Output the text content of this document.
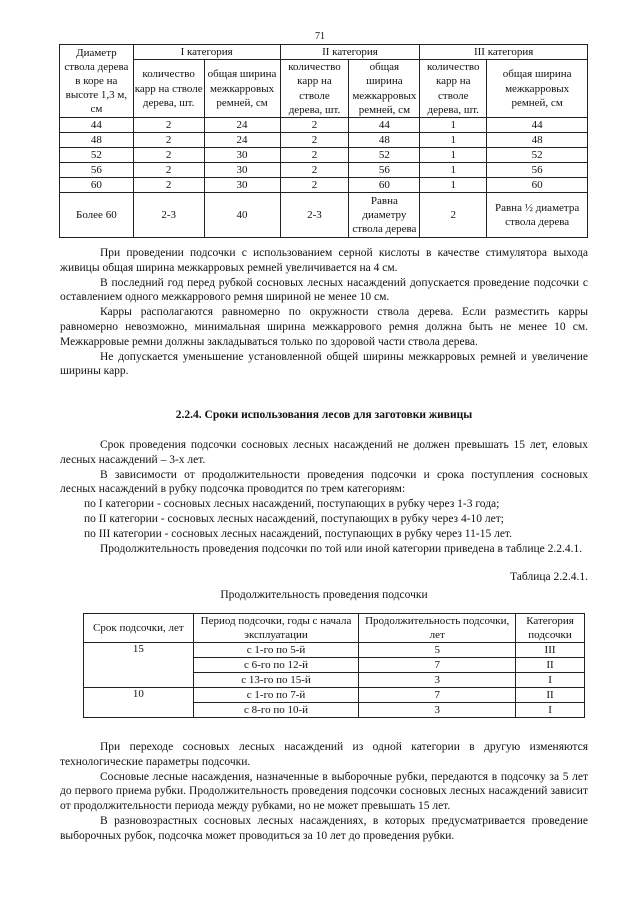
71
Диаметр ствола дерева в коре на высоте 1,3 м, см	I категория		II категория		III категория	
	количество карр на стволе дерева, шт.	общая ширина межкарровых ремней, см	количество карр на стволе дерева, шт.	общая ширина межкарровых ремней, см	количество карр на стволе дерева, шт.	общая ширина межкарровых ремней, см
44	2	24	2	44	1	44
48	2	24	2	48	1	48
52	2	30	2	52	1	52
56	2	30	2	56	1	56
60	2	30	2	60	1	60
Более 60	2-3	40	2-3	Равна диаметру ствола дерева	2	Равна ½ диаметра ствола дерева

При проведении подсочки с использованием серной кислоты в качестве стимулятора выхода живицы общая ширина межкарровых ремней увеличивается на 4 см.

В последний год перед рубкой сосновых лесных насаждений допускается проведение подсочки с оставлением одного межкаррового ремня шириной не менее 10 см.

Карры располагаются равномерно по окружности ствола дерева. Если разместить карры равномерно невозможно, минимальная ширина межкаррового ремня должна быть не менее 10 см. Межкарровые ремни должны закладываться только по здоровой части ствола дерева.

Не допускается уменьшение установленной общей ширины межкарровых ремней и увеличение ширины карр.

2.2.4. Сроки использования лесов для заготовки живицы

Срок проведения подсочки сосновых лесных насаждений не должен превышать 15 лет, еловых лесных насаждений – 3-х лет.

В зависимости от продолжительности проведения подсочки и срока поступления сосновых лесных насаждений в рубку подсочка проводится по трем категориям:

по I категории - сосновых лесных насаждений, поступающих в рубку через 1-3 года;

по II категории - сосновых лесных насаждений, поступающих в рубку через 4-10 лет;

по III категории - сосновых лесных насаждений, поступающих в рубку через 11-15 лет.

Продолжительность проведения подсочки по той или иной категории приведена в таблице 2.2.4.1.

Таблица 2.2.4.1.
Продолжительность проведения подсочки
Срок подсочки, лет	Период подсочки, годы с начала эксплуатации	Продолжительность подсочки, лет	Категория подсочки
15	с 1-го по 5-й	5	III
	с 6-го по 12-й	7	II
	с 13-го по 15-й	3	I
10	с 1-го по 7-й	7	II
	с 8-го по 10-й	3	I

При переходе сосновых лесных насаждений из одной категории в другую изменяются технологические параметры подсочки.

Сосновые лесные насаждения, назначенные в выборочные рубки, передаются в подсочку за 5 лет до первого приема рубки. Продолжительность проведения подсочки сосновых лесных насаждений зависит от продолжительности периода между рубками, но не может превышать 15 лет.

В разновозрастных сосновых лесных насаждениях, в которых предусматривается проведение выборочных рубок, подсочка может проводиться за 10 лет до проведения рубки.
